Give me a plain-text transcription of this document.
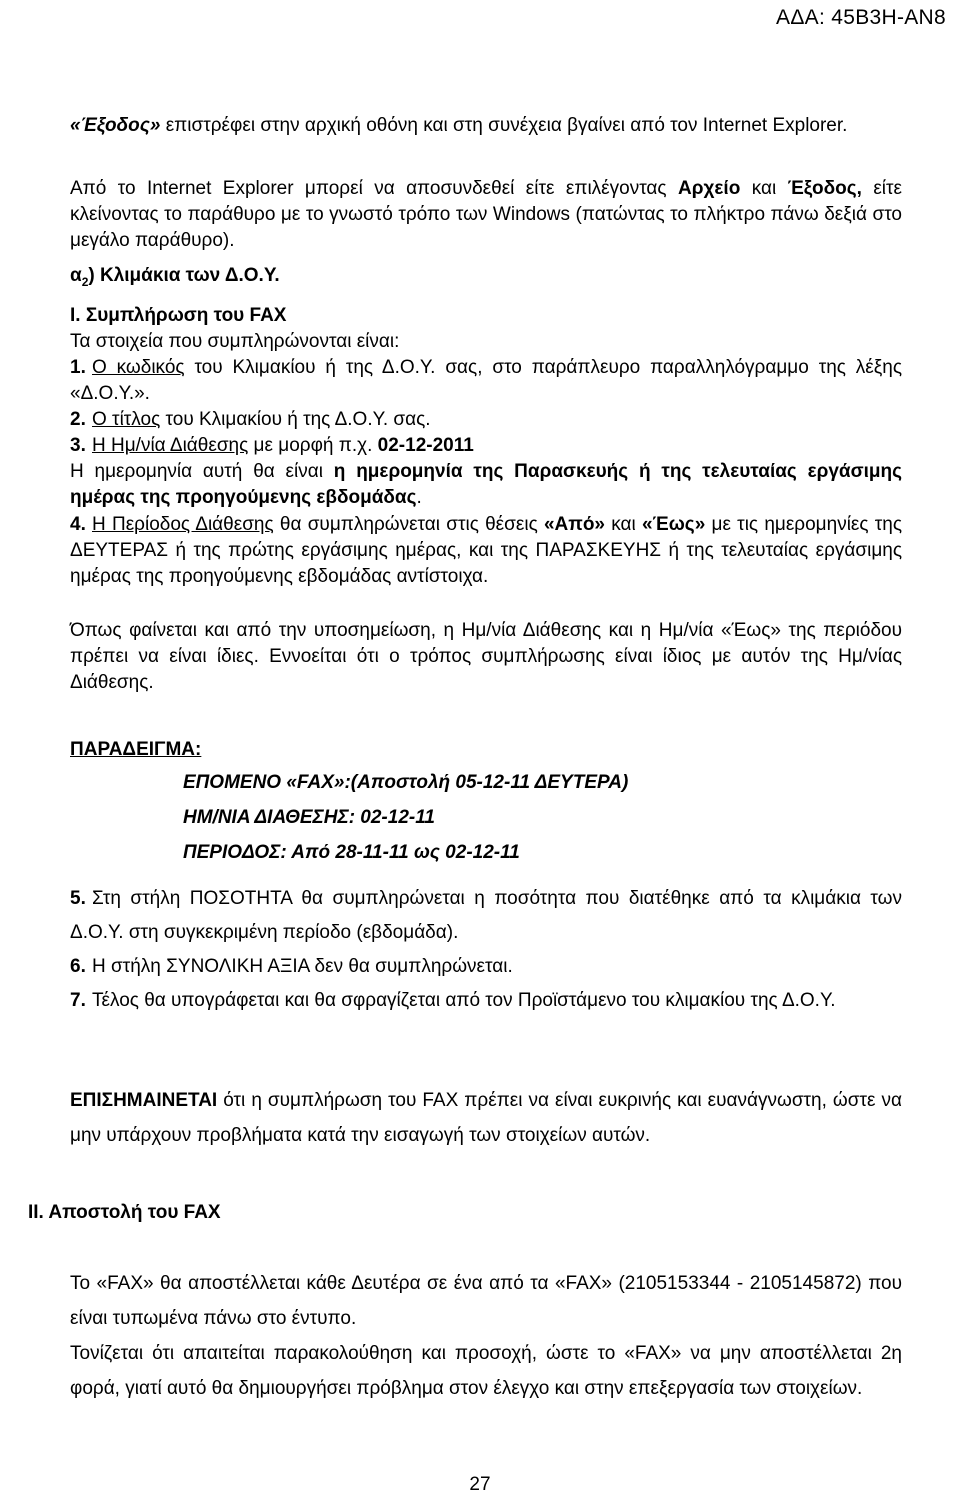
ΑΔΑ: 45Β3Η-ΑΝ8
«Έξοδος» επιστρέφει στην αρχική οθόνη και στη συνέχεια βγαίνει από τον Internet Explorer.
Από το Internet Explorer μπορεί να αποσυνδεθεί είτε επιλέγοντας Αρχείο και Έξοδος, είτε κλείνοντας το παράθυρο με το γνωστό τρόπο των Windows (πατώντας το πλήκτρο πάνω δεξιά στο μεγάλο παράθυρο).
$\alpha_2$) Κλιμάκια των Δ.Ο.Υ.
Ι. Συμπλήρωση του FAX
Τα στοιχεία που συμπληρώνονται είναι:
1. Ο κωδικός του Κλιμακίου ή της Δ.Ο.Υ. σας, στο παράπλευρο παραλληλόγραμμο της λέξης «Δ.Ο.Υ.».
2. Ο τίτλος του Κλιμακίου ή της Δ.Ο.Υ. σας.
3. Η Ημ/νία Διάθεσης με μορφή π.χ. 02-12-2011
Η ημερομηνία αυτή θα είναι η ημερομηνία της Παρασκευής ή της τελευταίας εργάσιμης ημέρας της προηγούμενης εβδομάδας.
4. Η Περίοδος Διάθεσης θα συμπληρώνεται στις θέσεις «Από» και «Έως» με τις ημερομηνίες της ΔΕΥΤΕΡΑΣ ή της πρώτης εργάσιμης ημέρας, και της ΠΑΡΑΣΚΕΥΗΣ ή της τελευταίας εργάσιμης ημέρας της προηγούμενης εβδομάδας αντίστοιχα.
Όπως φαίνεται και από την υποσημείωση, η Ημ/νία Διάθεσης και η Ημ/νία «Έως» της περιόδου πρέπει να είναι ίδιες. Εννοείται ότι ο τρόπος συμπλήρωσης είναι ίδιος με αυτόν της Ημ/νίας Διάθεσης.
ΠΑΡΑΔΕΙΓΜΑ:
ΕΠΟΜΕΝΟ «FAX»:(Αποστολή 05-12-11 ΔΕΥΤΕΡΑ)
ΗΜ/ΝΙΑ ΔΙΑΘΕΣΗΣ: 02-12-11
ΠΕΡΙΟΔΟΣ: Από 28-11-11 ως 02-12-11
5. Στη στήλη ΠΟΣΟΤΗΤΑ θα συμπληρώνεται η ποσότητα που διατέθηκε από τα κλιμάκια των Δ.Ο.Υ. στη συγκεκριμένη περίοδο (εβδομάδα).
6. Η στήλη ΣΥΝΟΛΙΚΗ ΑΞΙΑ δεν θα συμπληρώνεται.
7. Τέλος θα υπογράφεται και θα σφραγίζεται από τον Προϊστάμενο του κλιμακίου της Δ.Ο.Υ.
ΕΠΙΣΗΜΑΙΝΕΤΑΙ ότι η συμπλήρωση του FAX πρέπει να είναι ευκρινής και ευανάγνωστη, ώστε να μην υπάρχουν προβλήματα κατά την εισαγωγή των στοιχείων αυτών.
ΙΙ. Αποστολή του FAX
Το «FAX» θα αποστέλλεται κάθε Δευτέρα σε ένα από τα «FAX» (2105153344 - 2105145872) που είναι τυπωμένα πάνω στο έντυπο.
Τονίζεται ότι απαιτείται παρακολούθηση και προσοχή, ώστε το «FAX» να μην αποστέλλεται 2η φορά, γιατί αυτό θα δημιουργήσει πρόβλημα στον έλεγχο και στην επεξεργασία των στοιχείων.
27
